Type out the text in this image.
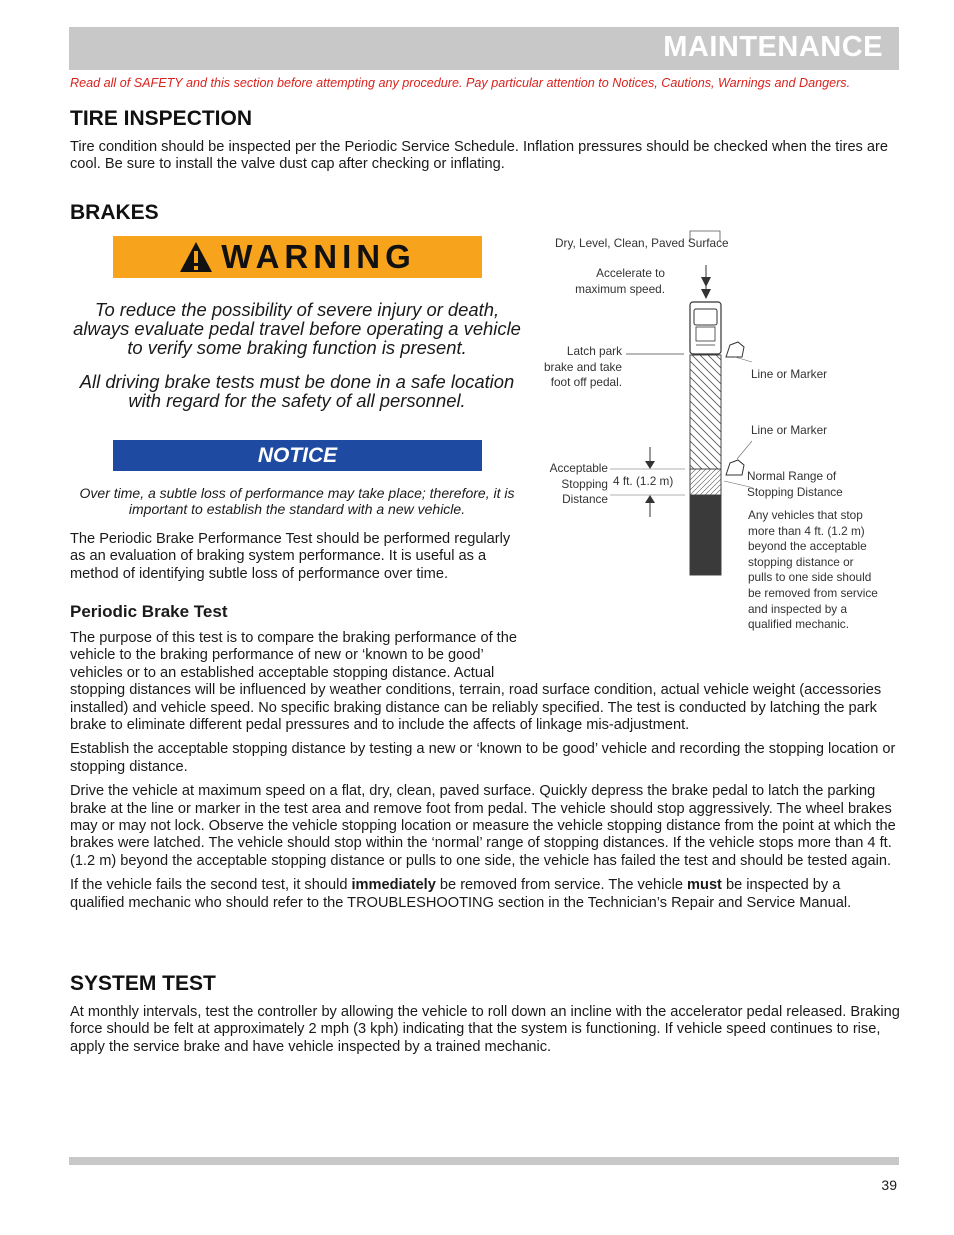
MAINTENANCE
Read all of SAFETY and this section before attempting any procedure. Pay particular attention to Notices, Cautions, Warnings and Dangers.
TIRE INSPECTION

Tire condition should be inspected per the Periodic Service Schedule. Inflation pressures should be checked when the tires are cool. Be sure to install the valve dust cap after checking or inflating.

BRAKES
WARNING

To reduce the possibility of severe injury or death, always evaluate pedal travel before operating a vehicle to verify some braking function is present.

All driving brake tests must be done in a safe location with regard for the safety of all personnel.

NOTICE

Over time, a subtle loss of performance may take place; therefore, it is important to establish the standard with a new vehicle.

The Periodic Brake Performance Test should be performed regularly as an evaluation of braking system performance. It is useful as a method of identifying subtle loss of performance over time.

Dry, Level, Clean, Paved Surface
Accelerate to
maximum speed.
Latch park
brake and take
foot off pedal.
Line or Marker
Line or Marker
Acceptable
Stopping
Distance
4 ft. (1.2 m)	Normal Range of
Stopping Distance
Any vehicles that stop
more than 4 ft. (1.2 m)
beyond the acceptable
stopping distance or
pulls to one side should
be removed from service
and inspected by a
qualified mechanic.
Periodic Brake Test

The purpose of this test is to compare the braking performance of the vehicle to the braking performance of new or ‘known to be good’ vehicles or to an established acceptable stopping distance. Actual stopping distances will be influenced by weather conditions, terrain, road surface condition, actual vehicle weight (accessories installed) and vehicle speed. No specific braking distance can be reliably specified. The test is conducted by latching the park brake to eliminate different pedal pressures and to include the affects of linkage mis-adjustment.

Establish the acceptable stopping distance by testing a new or ‘known to be good’ vehicle and recording the stopping location or stopping distance.

Drive the vehicle at maximum speed on a flat, dry, clean, paved surface. Quickly depress the brake pedal to latch the parking brake at the line or marker in the test area and remove foot from pedal. The vehicle should stop aggressively. The wheel brakes may or may not lock. Observe the vehicle stopping location or measure the vehicle stopping distance from the point at which the brakes were latched. The vehicle should stop within the ‘normal’ range of stopping distances. If the vehicle stops more than 4 ft. (1.2 m) beyond the acceptable stopping distance or pulls to one side, the vehicle has failed the test and should be tested again.

If the vehicle fails the second test, it should immediately be removed from service. The vehicle must be inspected by a qualified mechanic who should refer to the TROUBLESHOOTING section in the Technician’s Repair and Service Manual.

SYSTEM TEST

At monthly intervals, test the controller by allowing the vehicle to roll down an incline with the accelerator pedal released. Braking force should be felt at approximately 2 mph (3 kph) indicating that the system is functioning. If vehicle speed continues to rise, apply the service brake and have vehicle inspected by a trained mechanic.

39
